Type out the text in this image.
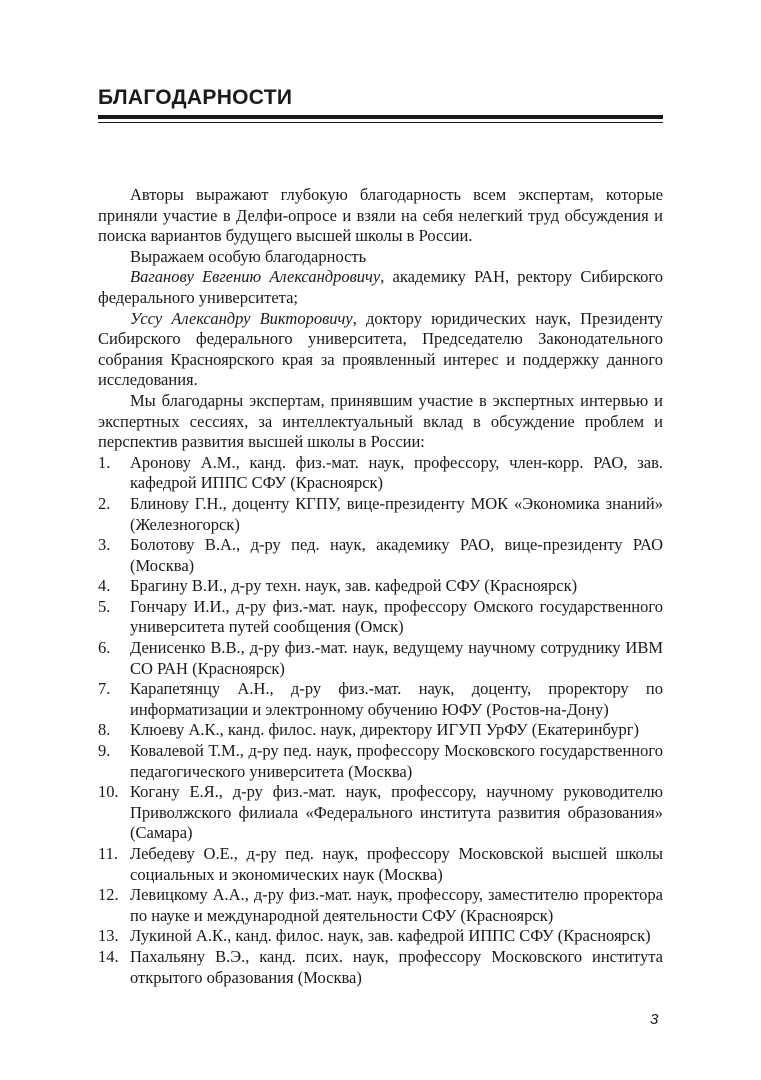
БЛАГОДАРНОСТИ

Авторы выражают глубокую благодарность всем экспертам, которые приняли участие в Делфи-опросе и взяли на себя нелегкий труд обсуждения и поиска вариантов будущего высшей школы в России.

Выражаем особую благодарность

Ваганову Евгению Александровичу, академику РАН, ректору Сибирского федерального университета;

Уссу Александру Викторовичу, доктору юридических наук, Президенту Сибирского федерального университета, Председателю Законодательного собрания Красноярского края за проявленный интерес и поддержку данного исследования.

Мы благодарны экспертам, принявшим участие в экспертных интервью и экспертных сессиях, за интеллектуальный вклад в обсуждение проблем и перспектив развития высшей школы в России:

1. Аронову А.М., канд. физ.-мат. наук, профессору, член-корр. РАО, зав. кафедрой ИППС СФУ (Красноярск)
2. Блинову Г.Н., доценту КГПУ, вице-президенту МОК «Экономика знаний» (Железногорск)
3. Болотову В.А., д-ру пед. наук, академику РАО, вице-президенту РАО (Москва)
4. Брагину В.И., д-ру техн. наук, зав. кафедрой СФУ (Красноярск)
5. Гончару И.И., д-ру физ.-мат. наук, профессору Омского государственного университета путей сообщения (Омск)
6. Денисенко В.В., д-ру физ.-мат. наук, ведущему научному сотруднику ИВМ СО РАН (Красноярск)
7. Карапетянцу А.Н., д-ру физ.-мат. наук, доценту, проректору по информатизации и электронному обучению ЮФУ (Ростов-на-Дону)
8. Клюеву А.К., канд. филос. наук, директору ИГУП УрФУ (Екатеринбург)
9. Ковалевой Т.М., д-ру пед. наук, профессору Московского государственного педагогического университета (Москва)
10. Когану Е.Я., д-ру физ.-мат. наук, профессору, научному руководителю Приволжского филиала «Федерального института развития образования» (Самара)
11. Лебедеву О.Е., д-ру пед. наук, профессору Московской высшей школы социальных и экономических наук (Москва)
12. Левицкому А.А., д-ру физ.-мат. наук, профессору, заместителю проректора по науке и международной деятельности СФУ (Красноярск)
13. Лукиной А.К., канд. филос. наук, зав. кафедрой ИППС СФУ (Красноярск)
14. Пахальяну В.Э., канд. псих. наук, профессору Московского института открытого образования (Москва)
3
